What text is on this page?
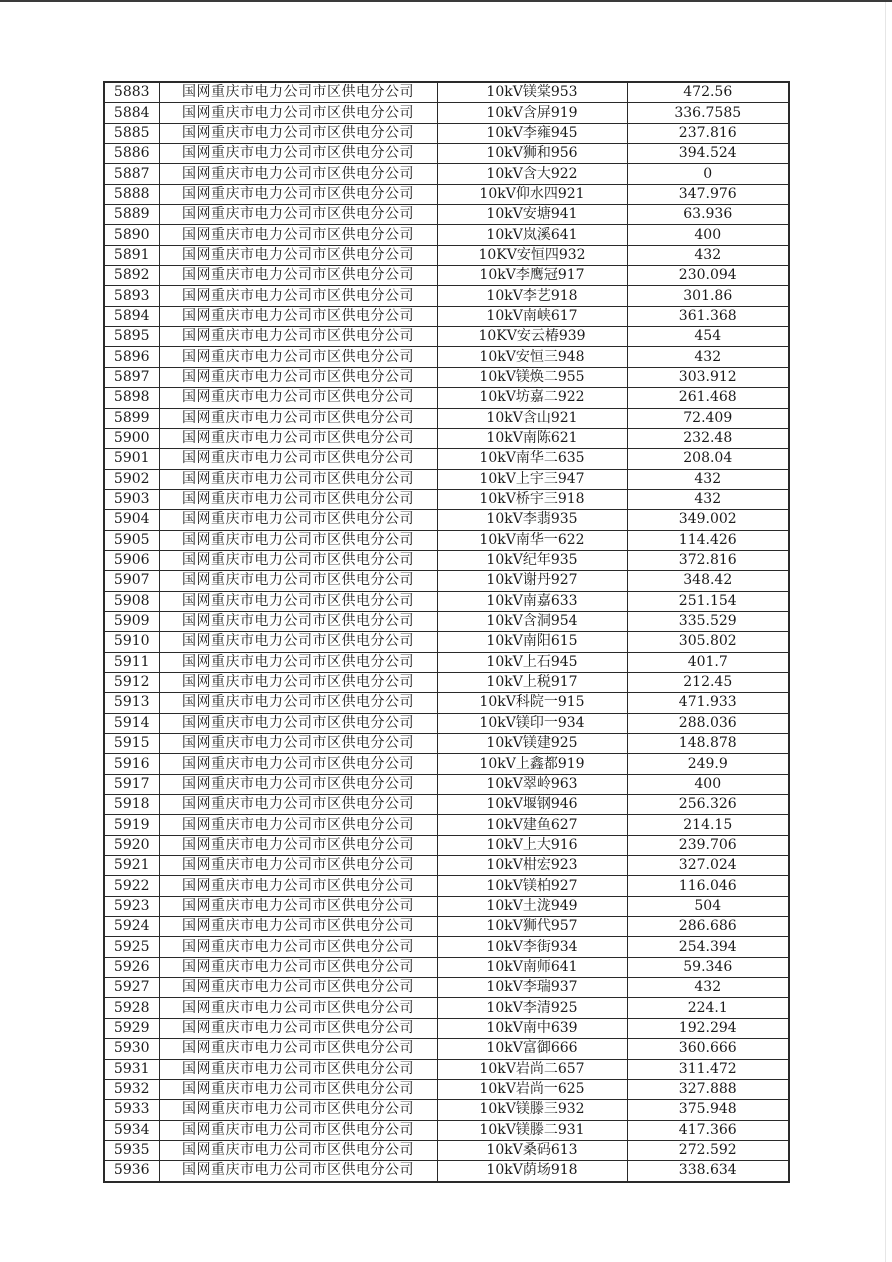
5883	国网重庆市电力公司市区供电分公司	10kV镁棠953	472.56
5884	国网重庆市电力公司市区供电分公司	10kV含屏919	336.7585
5885	国网重庆市电力公司市区供电分公司	10kV李雍945	237.816
5886	国网重庆市电力公司市区供电分公司	10kV狮和956	394.524
5887	国网重庆市电力公司市区供电分公司	10kV含大922	0
5888	国网重庆市电力公司市区供电分公司	10kV仰水四921	347.976
5889	国网重庆市电力公司市区供电分公司	10kV安塘941	63.936
5890	国网重庆市电力公司市区供电分公司	10kV岚溪641	400
5891	国网重庆市电力公司市区供电分公司	10KV安恒四932	432
5892	国网重庆市电力公司市区供电分公司	10kV李鹰冠917	230.094
5893	国网重庆市电力公司市区供电分公司	10kV李艺918	301.86
5894	国网重庆市电力公司市区供电分公司	10kV南峡617	361.368
5895	国网重庆市电力公司市区供电分公司	10KV安云椿939	454
5896	国网重庆市电力公司市区供电分公司	10kV安恒三948	432
5897	国网重庆市电力公司市区供电分公司	10kV镁焕二955	303.912
5898	国网重庆市电力公司市区供电分公司	10kV坊嘉二922	261.468
5899	国网重庆市电力公司市区供电分公司	10kV含山921	72.409
5900	国网重庆市电力公司市区供电分公司	10kV南陈621	232.48
5901	国网重庆市电力公司市区供电分公司	10kV南华二635	208.04
5902	国网重庆市电力公司市区供电分公司	10kV上宇三947	432
5903	国网重庆市电力公司市区供电分公司	10kV桥宇三918	432
5904	国网重庆市电力公司市区供电分公司	10kV李翡935	349.002
5905	国网重庆市电力公司市区供电分公司	10kV南华一622	114.426
5906	国网重庆市电力公司市区供电分公司	10kV纪年935	372.816
5907	国网重庆市电力公司市区供电分公司	10kV谢丹927	348.42
5908	国网重庆市电力公司市区供电分公司	10kV南嘉633	251.154
5909	国网重庆市电力公司市区供电分公司	10kV含洞954	335.529
5910	国网重庆市电力公司市区供电分公司	10kV南阳615	305.802
5911	国网重庆市电力公司市区供电分公司	10kV上石945	401.7
5912	国网重庆市电力公司市区供电分公司	10kV上税917	212.45
5913	国网重庆市电力公司市区供电分公司	10kV科院一915	471.933
5914	国网重庆市电力公司市区供电分公司	10kV镁印一934	288.036
5915	国网重庆市电力公司市区供电分公司	10kV镁建925	148.878
5916	国网重庆市电力公司市区供电分公司	10kV上鑫都919	249.9
5917	国网重庆市电力公司市区供电分公司	10kV翠岭963	400
5918	国网重庆市电力公司市区供电分公司	10kV堰钢946	256.326
5919	国网重庆市电力公司市区供电分公司	10kV建鱼627	214.15
5920	国网重庆市电力公司市区供电分公司	10kV上大916	239.706
5921	国网重庆市电力公司市区供电分公司	10kV柑宏923	327.024
5922	国网重庆市电力公司市区供电分公司	10kV镁柏927	116.046
5923	国网重庆市电力公司市区供电分公司	10kV土泷949	504
5924	国网重庆市电力公司市区供电分公司	10kV狮代957	286.686
5925	国网重庆市电力公司市区供电分公司	10kV李街934	254.394
5926	国网重庆市电力公司市区供电分公司	10kV南师641	59.346
5927	国网重庆市电力公司市区供电分公司	10kV李瑞937	432
5928	国网重庆市电力公司市区供电分公司	10kV李清925	224.1
5929	国网重庆市电力公司市区供电分公司	10kV南中639	192.294
5930	国网重庆市电力公司市区供电分公司	10kV富御666	360.666
5931	国网重庆市电力公司市区供电分公司	10kV岩尚二657	311.472
5932	国网重庆市电力公司市区供电分公司	10kV岩尚一625	327.888
5933	国网重庆市电力公司市区供电分公司	10kV镁滕三932	375.948
5934	国网重庆市电力公司市区供电分公司	10kV镁滕二931	417.366
5935	国网重庆市电力公司市区供电分公司	10kV桑码613	272.592
5936	国网重庆市电力公司市区供电分公司	10kV荫场918	338.634
